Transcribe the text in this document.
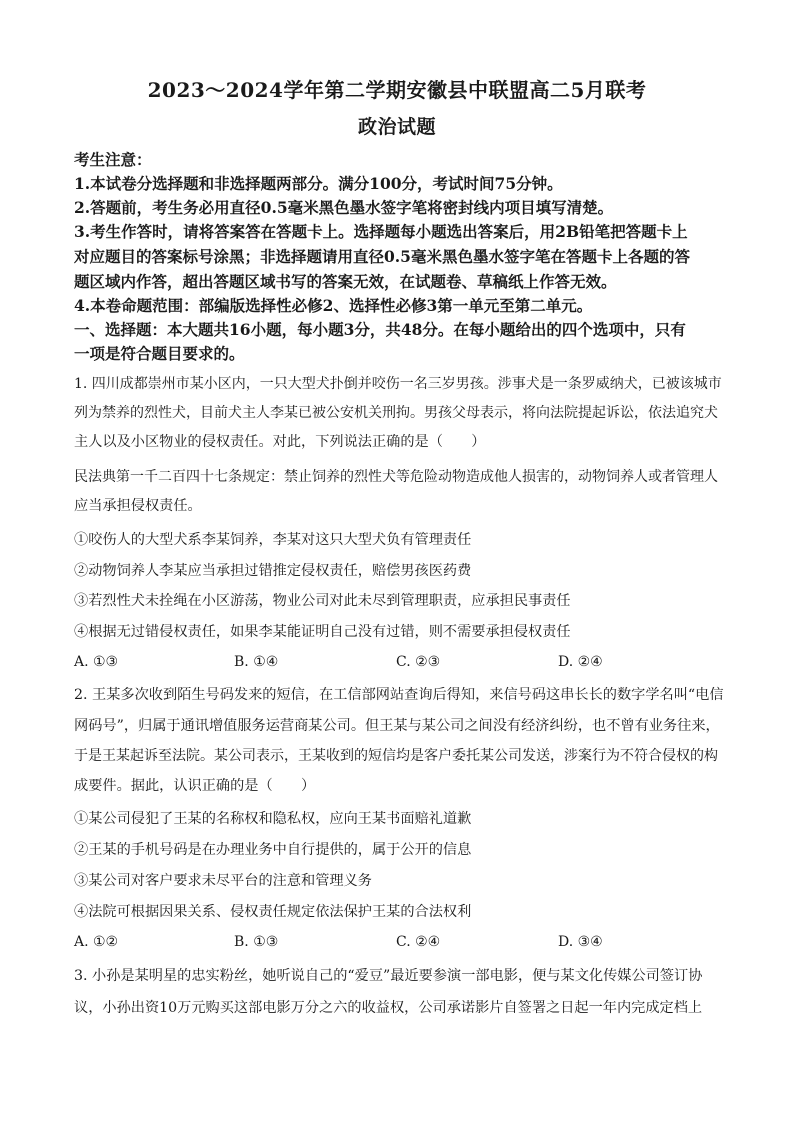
2023～2024学年第二学期安徽县中联盟高二5月联考
政治试题
考生注意：
1.本试卷分选择题和非选择题两部分。满分100分，考试时间75分钟。
2.答题前，考生务必用直径0.5毫米黑色墨水签字笔将密封线内项目填写清楚。
3.考生作答时，请将答案答在答题卡上。选择题每小题选出答案后，用2B铅笔把答题卡上
对应题目的答案标号涂黑；非选择题请用直径0.5毫米黑色墨水签字笔在答题卡上各题的答
题区域内作答，超出答题区域书写的答案无效，在试题卷、草稿纸上作答无效。
4.本卷命题范围：部编版选择性必修2、选择性必修3第一单元至第二单元。
一、选择题：本大题共16小题，每小题3分，共48分。在每小题给出的四个选项中，只有
一项是符合题目要求的。
1. 四川成都崇州市某小区内，一只大型犬扑倒并咬伤一名三岁男孩。涉事犬是一条罗威纳犬，已被该城市
列为禁养的烈性犬，目前犬主人李某已被公安机关刑拘。男孩父母表示，将向法院提起诉讼，依法追究犬
主人以及小区物业的侵权责任。对此，下列说法正确的是（　　）
民法典第一千二百四十七条规定：禁止饲养的烈性犬等危险动物造成他人损害的，动物饲养人或者管理人
应当承担侵权责任。
①咬伤人的大型犬系李某饲养，李某对这只大型犬负有管理责任
②动物饲养人李某应当承担过错推定侵权责任，赔偿男孩医药费
③若烈性犬未拴绳在小区游荡，物业公司对此未尽到管理职责，应承担民事责任
④根据无过错侵权责任，如果李某能证明自己没有过错，则不需要承担侵权责任
A. ①③	B. ①④	C. ②③	D. ②④
2. 王某多次收到陌生号码发来的短信，在工信部网站查询后得知，来信号码这串长长的数字学名叫“电信
网码号”，归属于通讯增值服务运营商某公司。但王某与某公司之间没有经济纠纷，也不曾有业务往来，
于是王某起诉至法院。某公司表示，王某收到的短信均是客户委托某公司发送，涉案行为不符合侵权的构
成要件。据此，认识正确的是（　　）
①某公司侵犯了王某的名称权和隐私权，应向王某书面赔礼道歉
②王某的手机号码是在办理业务中自行提供的，属于公开的信息
③某公司对客户要求未尽平台的注意和管理义务
④法院可根据因果关系、侵权责任规定依法保护王某的合法权利
A. ①②	B. ①③	C. ②④	D. ③④
3. 小孙是某明星的忠实粉丝，她听说自己的“爱豆”最近要参演一部电影，便与某文化传媒公司签订协
议，小孙出资10万元购买这部电影万分之六的收益权，公司承诺影片自签署之日起一年内完成定档上
